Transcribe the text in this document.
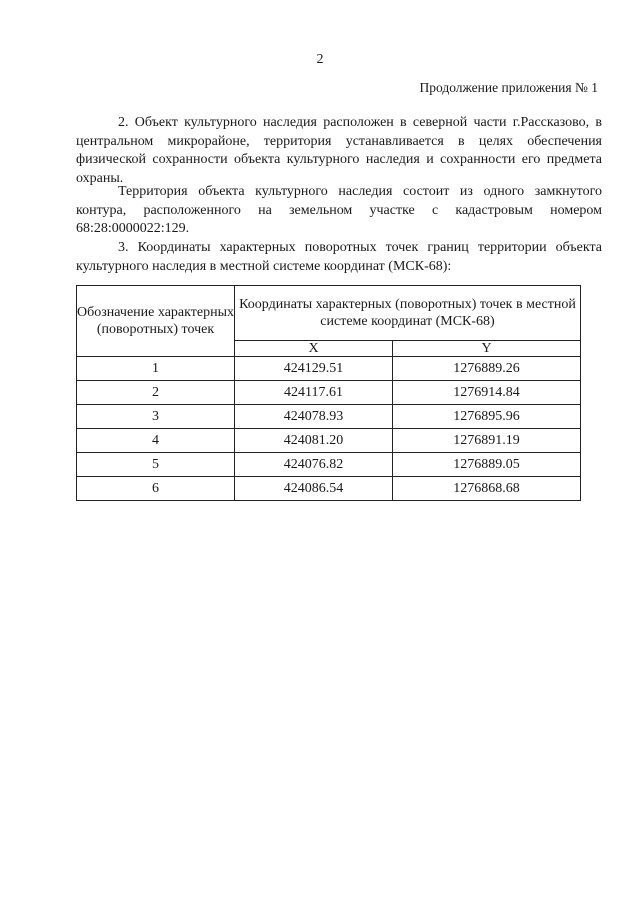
2
Продолжение приложения № 1

2. Объект культурного наследия расположен в северной части г.Рассказово, в центральном микрорайоне, территория устанавливается в целях обеспечения физической сохранности объекта культурного наследия и сохранности его предмета охраны.

Территория объекта культурного наследия состоит из одного замкнутого контура, расположенного на земельном участке с кадастровым номером 68:28:0000022:129.

3. Координаты характерных поворотных точек границ территории объекта культурного наследия в местной системе координат (МСК-68):

Обозначение характерных (поворотных) точек	Координаты характерных (поворотных) точек в местной системе координат (МСК-68)	
	X	Y
1	424129.51	1276889.26
2	424117.61	1276914.84
3	424078.93	1276895.96
4	424081.20	1276891.19
5	424076.82	1276889.05
6	424086.54	1276868.68
